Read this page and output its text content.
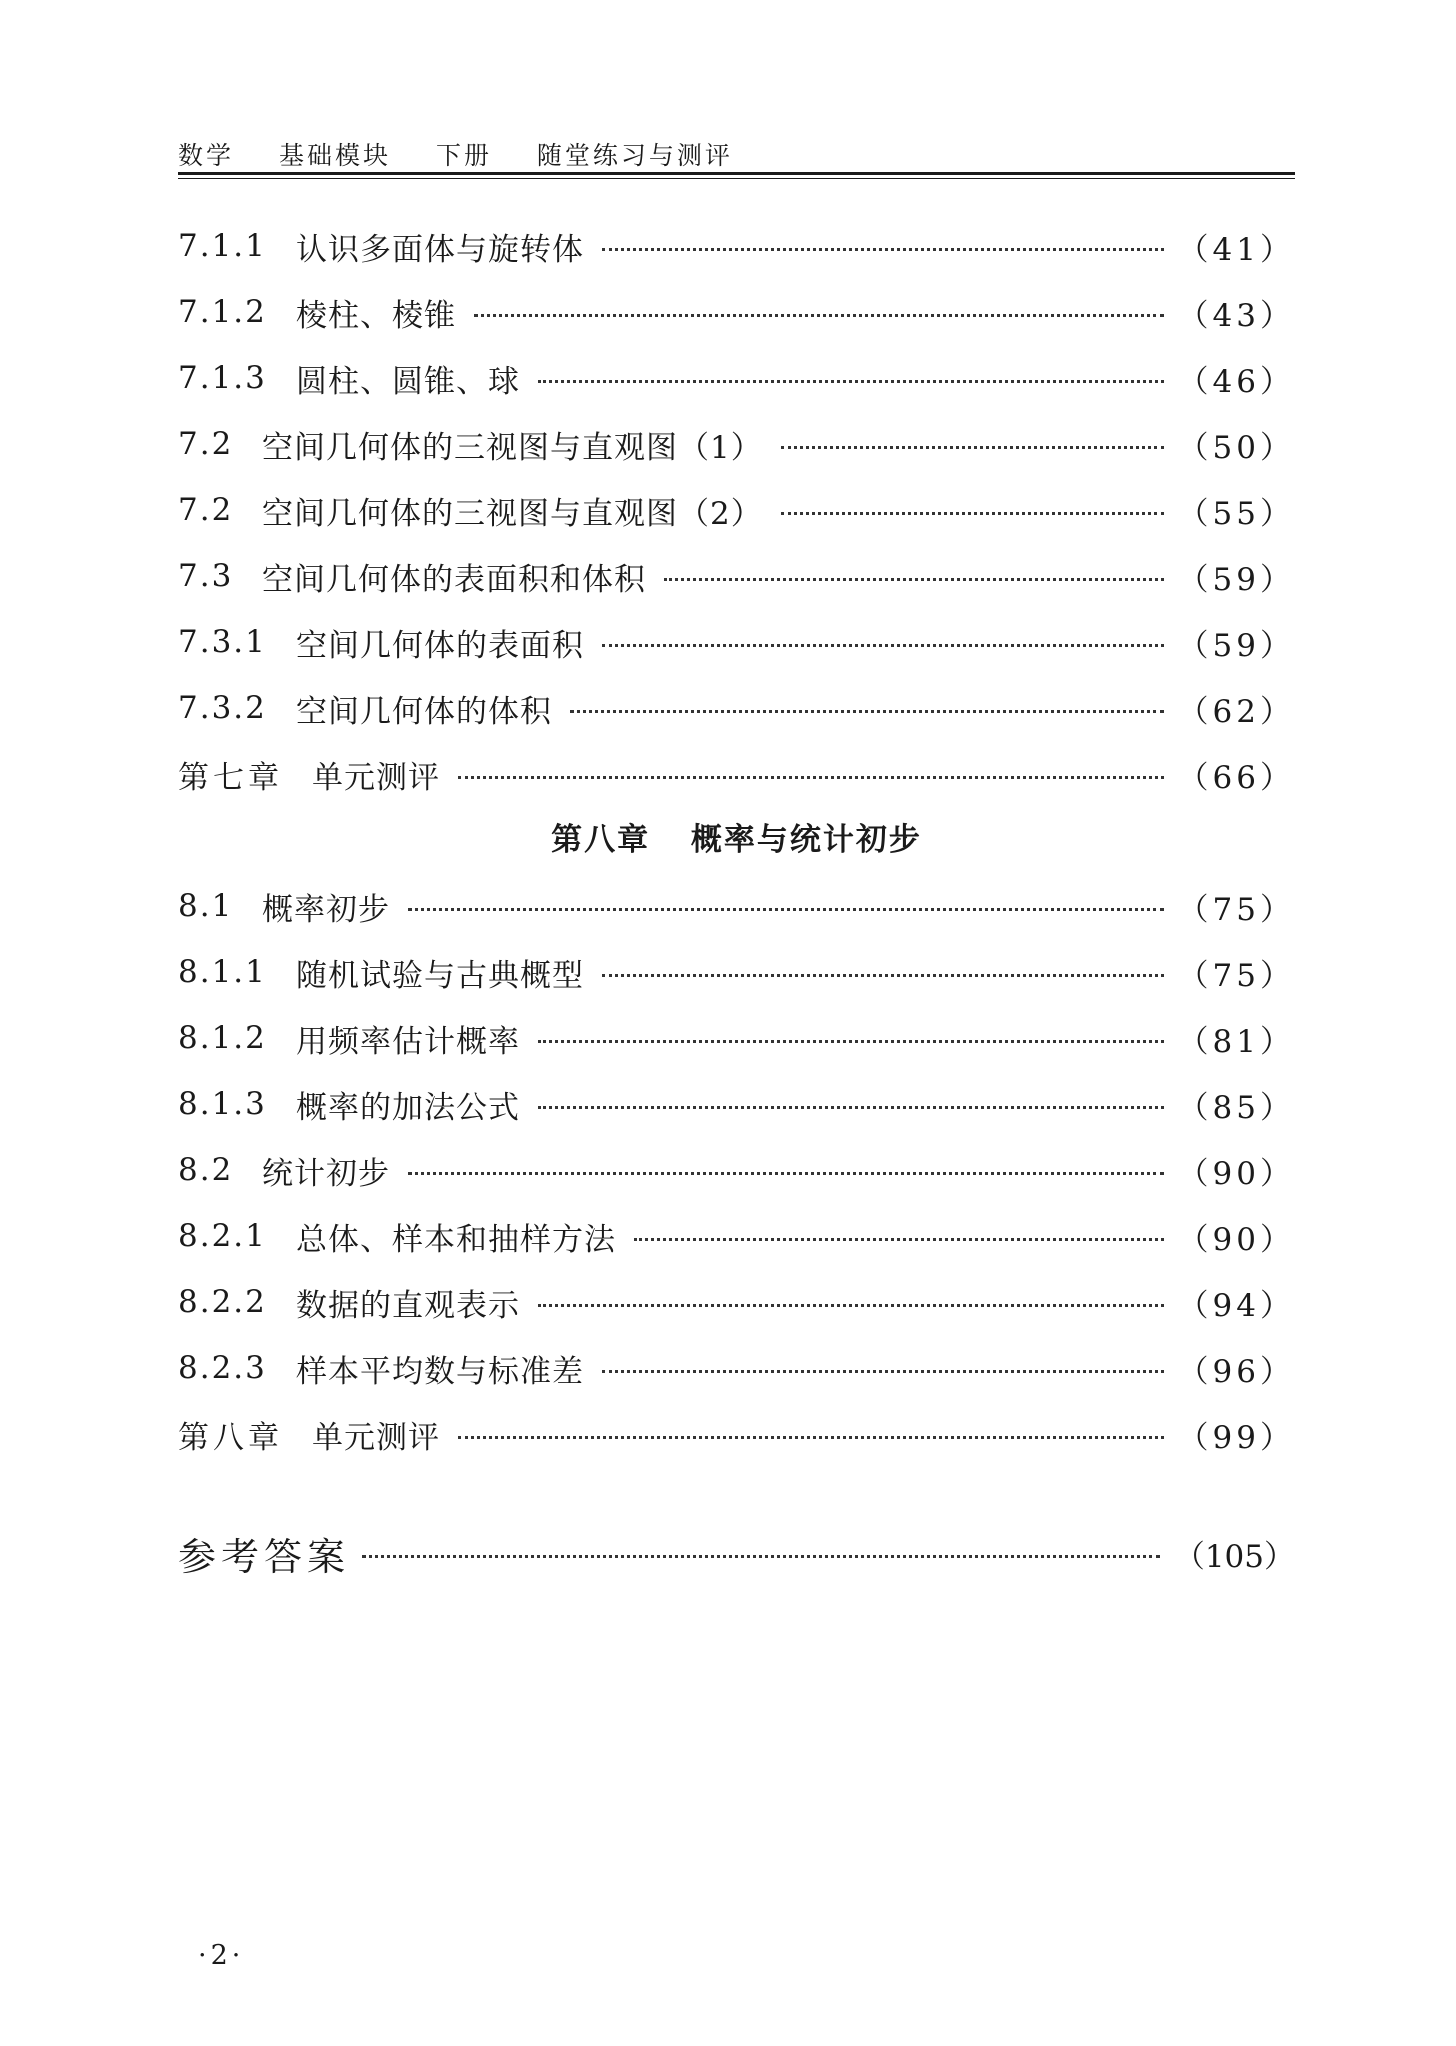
数学 基础模块 下册 随堂练习与测评
7.1.1 认识多面体与旋转体	（41）
7.1.2 棱柱、棱锥	（43）
7.1.3 圆柱、圆锥、球	（46）
7.2 空间几何体的三视图与直观图（1）	（50）
7.2 空间几何体的三视图与直观图（2）	（55）
7.3 空间几何体的表面积和体积	（59）
7.3.1 空间几何体的表面积	（59）
7.3.2 空间几何体的体积	（62）
第七章 单元测评	（66）
第八章 概率与统计初步
8.1 概率初步	（75）
8.1.1 随机试验与古典概型	（75）
8.1.2 用频率估计概率	（81）
8.1.3 概率的加法公式	（85）
8.2 统计初步	（90）
8.2.1 总体、样本和抽样方法	（90）
8.2.2 数据的直观表示	（94）
8.2.3 样本平均数与标准差	（96）
第八章 单元测评	（99）
参考答案	（105）
·2·
